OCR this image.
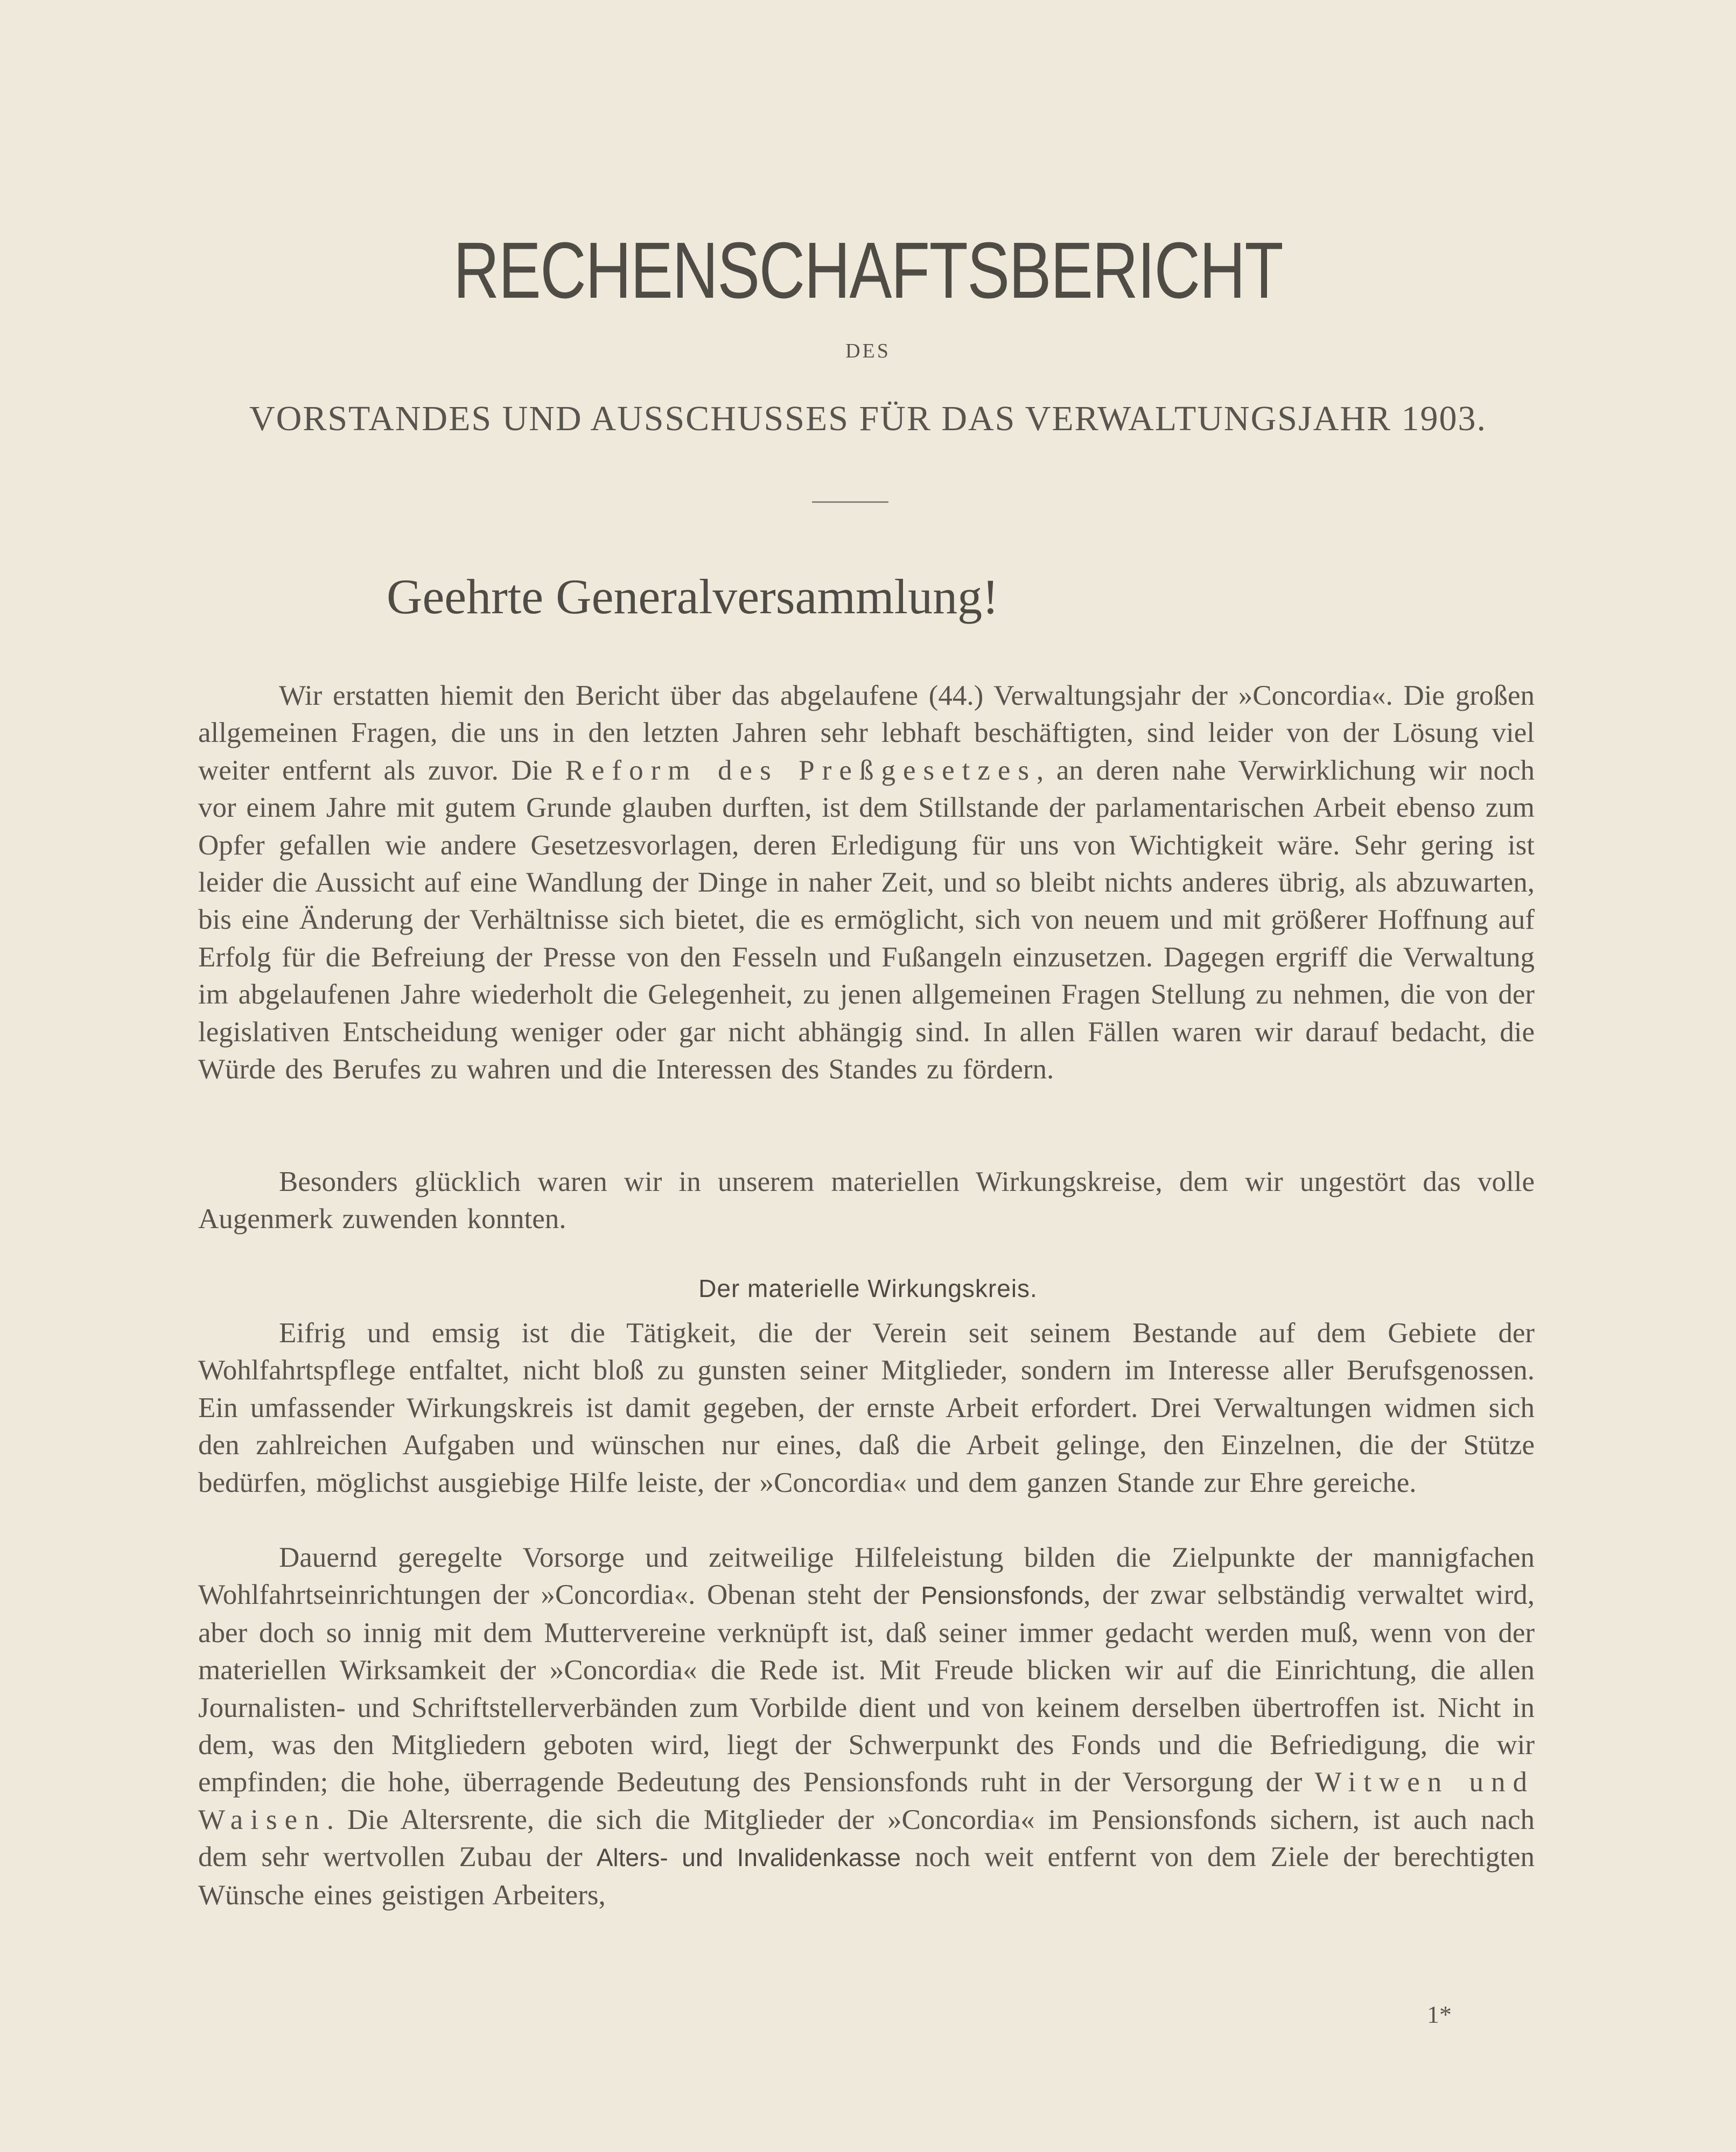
RECHENSCHAFTSBERICHT
DES
VORSTANDES UND AUSSCHUSSES FÜR DAS VERWALTUNGSJAHR 1903.
Geehrte Generalversammlung!

Wir erstatten hiemit den Bericht über das abgelaufene (44.) Verwaltungsjahr der »Concordia«. Die großen allgemeinen Fragen, die uns in den letzten Jahren sehr lebhaft beschäftigten, sind leider von der Lösung viel weiter entfernt als zuvor. Die Reform des Preßgesetzes, an deren nahe Verwirklichung wir noch vor einem Jahre mit gutem Grunde glauben durften, ist dem Stillstande der parlamentarischen Arbeit ebenso zum Opfer gefallen wie andere Gesetzesvorlagen, deren Erledigung für uns von Wichtigkeit wäre. Sehr gering ist leider die Aussicht auf eine Wandlung der Dinge in naher Zeit, und so bleibt nichts anderes übrig, als abzuwarten, bis eine Änderung der Verhältnisse sich bietet, die es ermöglicht, sich von neuem und mit größerer Hoffnung auf Erfolg für die Befreiung der Presse von den Fesseln und Fußangeln einzusetzen. Dagegen ergriff die Verwaltung im abgelaufenen Jahre wiederholt die Gelegenheit, zu jenen allgemeinen Fragen Stellung zu nehmen, die von der legislativen Entscheidung weniger oder gar nicht abhängig sind. In allen Fällen waren wir darauf bedacht, die Würde des Berufes zu wahren und die Interessen des Standes zu fördern.

Besonders glücklich waren wir in unserem materiellen Wirkungskreise, dem wir ungestört das volle Augenmerk zuwenden konnten.

Der materielle Wirkungskreis.

Eifrig und emsig ist die Tätigkeit, die der Verein seit seinem Bestande auf dem Gebiete der Wohlfahrtspflege entfaltet, nicht bloß zu gunsten seiner Mitglieder, sondern im Interesse aller Berufsgenossen. Ein umfassender Wirkungskreis ist damit gegeben, der ernste Arbeit erfordert. Drei Verwaltungen widmen sich den zahlreichen Aufgaben und wünschen nur eines, daß die Arbeit gelinge, den Einzelnen, die der Stütze bedürfen, möglichst ausgiebige Hilfe leiste, der »Concordia« und dem ganzen Stande zur Ehre gereiche.

Dauernd geregelte Vorsorge und zeitweilige Hilfeleistung bilden die Zielpunkte der mannigfachen Wohlfahrtseinrichtungen der »Concordia«. Obenan steht der Pensionsfonds, der zwar selbständig verwaltet wird, aber doch so innig mit dem Muttervereine verknüpft ist, daß seiner immer gedacht werden muß, wenn von der materiellen Wirksamkeit der »Concordia« die Rede ist. Mit Freude blicken wir auf die Einrichtung, die allen Journalisten- und Schriftstellerverbänden zum Vorbilde dient und von keinem derselben übertroffen ist. Nicht in dem, was den Mitgliedern geboten wird, liegt der Schwerpunkt des Fonds und die Befriedigung, die wir empfinden; die hohe, überragende Bedeutung des Pensionsfonds ruht in der Versorgung der Witwen und Waisen. Die Altersrente, die sich die Mitglieder der »Concordia« im Pensionsfonds sichern, ist auch nach dem sehr wertvollen Zubau der Alters- und Invalidenkasse noch weit entfernt von dem Ziele der berechtigten Wünsche eines geistigen Arbeiters,

1*
